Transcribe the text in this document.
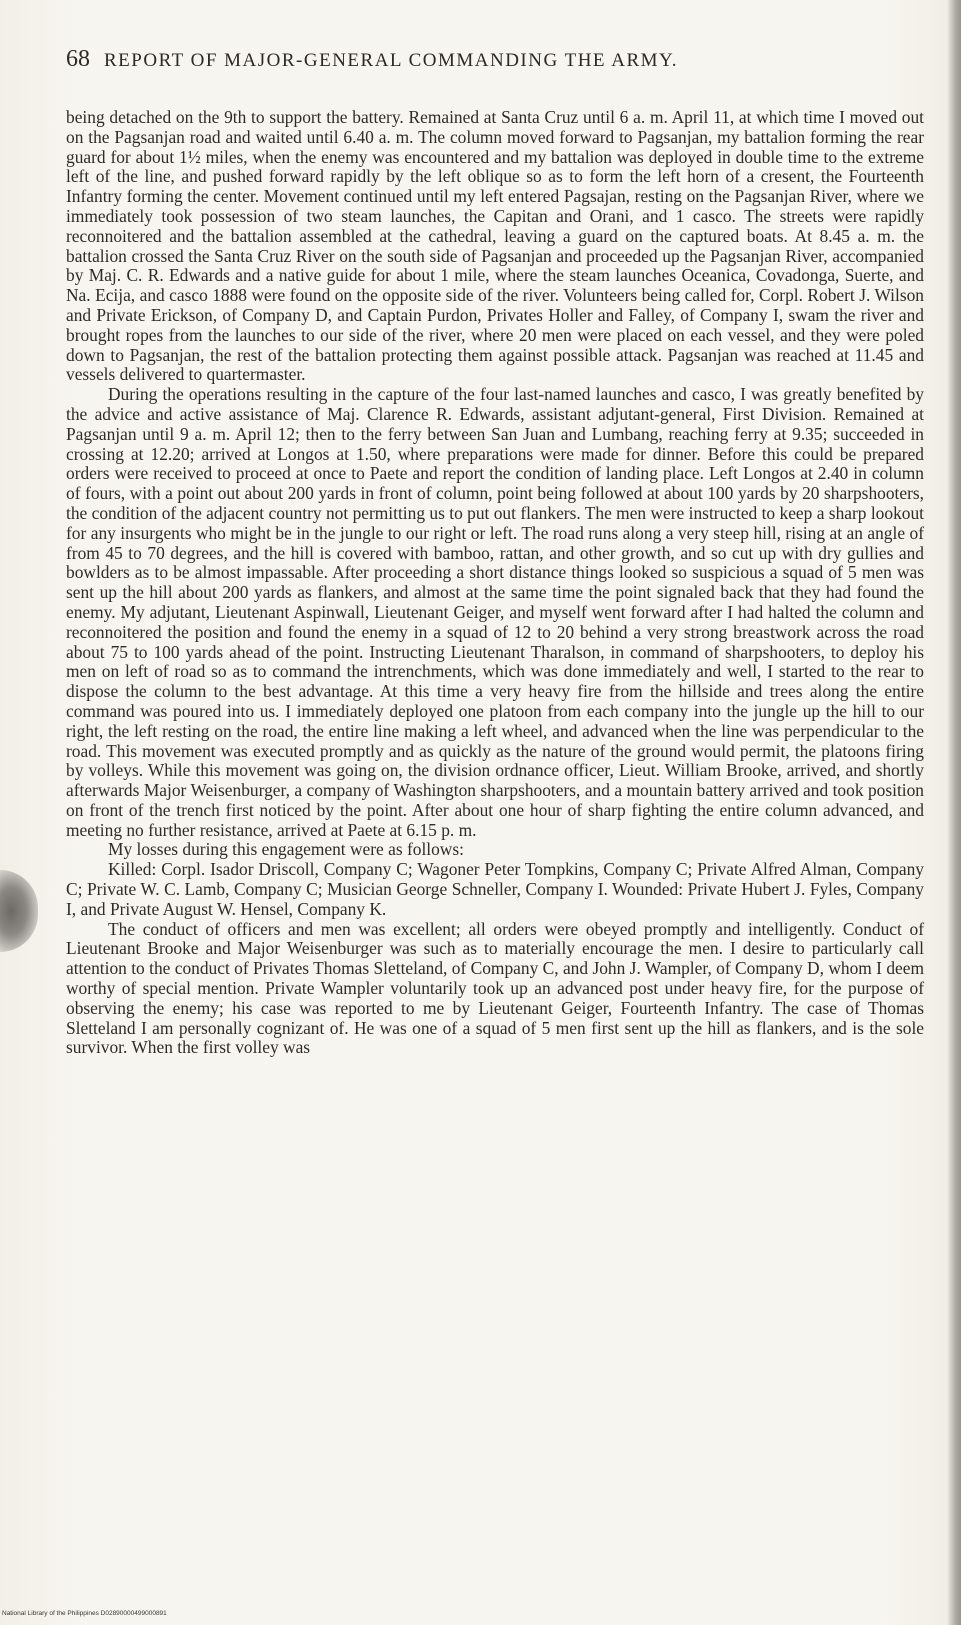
68 REPORT OF MAJOR-GENERAL COMMANDING THE ARMY.

being detached on the 9th to support the battery. Remained at Santa Cruz until 6 a. m. April 11, at which time I moved out on the Pagsanjan road and waited until 6.40 a. m. The column moved forward to Pagsanjan, my battalion forming the rear guard for about 1½ miles, when the enemy was encountered and my battalion was deployed in double time to the extreme left of the line, and pushed forward rapidly by the left oblique so as to form the left horn of a cresent, the Fourteenth Infantry forming the center. Movement continued until my left entered Pagsajan, resting on the Pagsanjan River, where we immediately took possession of two steam launches, the Capitan and Orani, and 1 casco. The streets were rapidly reconnoitered and the battalion assembled at the cathedral, leaving a guard on the captured boats. At 8.45 a. m. the battalion crossed the Santa Cruz River on the south side of Pagsanjan and proceeded up the Pagsanjan River, accompanied by Maj. C. R. Edwards and a native guide for about 1 mile, where the steam launches Oceanica, Covadonga, Suerte, and Na. Ecija, and casco 1888 were found on the opposite side of the river. Volunteers being called for, Corpl. Robert J. Wilson and Private Erickson, of Company D, and Captain Purdon, Privates Holler and Falley, of Company I, swam the river and brought ropes from the launches to our side of the river, where 20 men were placed on each vessel, and they were poled down to Pagsanjan, the rest of the battalion protecting them against possible attack. Pagsanjan was reached at 11.45 and vessels delivered to quartermaster.

During the operations resulting in the capture of the four last-named launches and casco, I was greatly benefited by the advice and active assistance of Maj. Clarence R. Edwards, assistant adjutant-general, First Division. Remained at Pagsanjan until 9 a. m. April 12; then to the ferry between San Juan and Lumbang, reaching ferry at 9.35; succeeded in crossing at 12.20; arrived at Longos at 1.50, where preparations were made for dinner. Before this could be prepared orders were received to proceed at once to Paete and report the condition of landing place. Left Longos at 2.40 in column of fours, with a point out about 200 yards in front of column, point being followed at about 100 yards by 20 sharpshooters, the condition of the adjacent country not permitting us to put out flankers. The men were instructed to keep a sharp lookout for any insurgents who might be in the jungle to our right or left. The road runs along a very steep hill, rising at an angle of from 45 to 70 degrees, and the hill is covered with bamboo, rattan, and other growth, and so cut up with dry gullies and bowlders as to be almost impassable. After proceeding a short distance things looked so suspicious a squad of 5 men was sent up the hill about 200 yards as flankers, and almost at the same time the point signaled back that they had found the enemy. My adjutant, Lieutenant Aspinwall, Lieutenant Geiger, and myself went forward after I had halted the column and reconnoitered the position and found the enemy in a squad of 12 to 20 behind a very strong breastwork across the road about 75 to 100 yards ahead of the point. Instructing Lieutenant Tharalson, in command of sharpshooters, to deploy his men on left of road so as to command the intrenchments, which was done immediately and well, I started to the rear to dispose the column to the best advantage. At this time a very heavy fire from the hillside and trees along the entire command was poured into us. I immediately deployed one platoon from each company into the jungle up the hill to our right, the left resting on the road, the entire line making a left wheel, and advanced when the line was perpendicular to the road. This movement was executed promptly and as quickly as the nature of the ground would permit, the platoons firing by volleys. While this movement was going on, the division ordnance officer, Lieut. William Brooke, arrived, and shortly afterwards Major Weisenburger, a company of Washington sharpshooters, and a mountain battery arrived and took position on front of the trench first noticed by the point. After about one hour of sharp fighting the entire column advanced, and meeting no further resistance, arrived at Paete at 6.15 p. m.

My losses during this engagement were as follows:

Killed: Corpl. Isador Driscoll, Company C; Wagoner Peter Tompkins, Company C; Private Alfred Alman, Company C; Private W. C. Lamb, Company C; Musician George Schneller, Company I. Wounded: Private Hubert J. Fyles, Company I, and Private August W. Hensel, Company K.

The conduct of officers and men was excellent; all orders were obeyed promptly and intelligently. Conduct of Lieutenant Brooke and Major Weisenburger was such as to materially encourage the men. I desire to particularly call attention to the conduct of Privates Thomas Sletteland, of Company C, and John J. Wampler, of Company D, whom I deem worthy of special mention. Private Wampler voluntarily took up an advanced post under heavy fire, for the purpose of observing the enemy; his case was reported to me by Lieutenant Geiger, Fourteenth Infantry. The case of Thomas Sletteland I am personally cognizant of. He was one of a squad of 5 men first sent up the hill as flankers, and is the sole survivor. When the first volley was

National Library of the Philippines D02890000499000891
